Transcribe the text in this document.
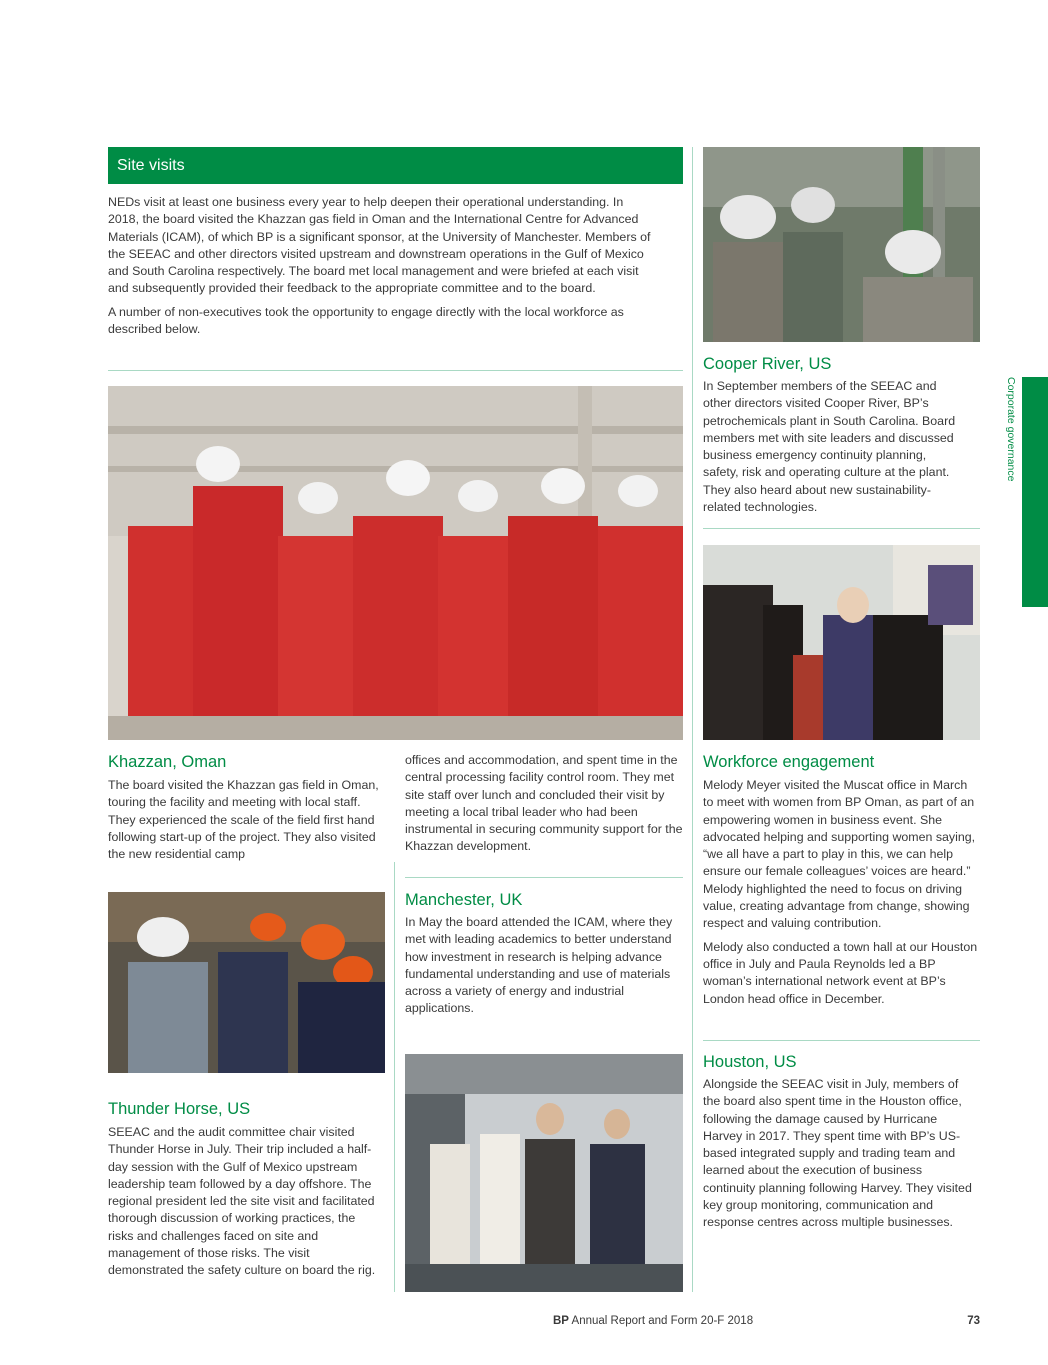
Site visits

NEDs visit at least one business every year to help deepen their operational understanding. In 2018, the board visited the Khazzan gas field in Oman and the International Centre for Advanced Materials (ICAM), of which BP is a significant sponsor, at the University of Manchester. Members of the SEEAC and other directors visited upstream and downstream operations in the Gulf of Mexico and South Carolina respectively. The board met local management and were briefed at each visit and subsequently provided their feedback to the appropriate committee and to the board.

A number of non-executives took the opportunity to engage directly with the local workforce as described below.

Cooper River, US
In September members of the SEEAC and other directors visited Cooper River, BP’s petrochemicals plant in South Carolina. Board members met with site leaders and discussed business emergency continuity planning, safety, risk and operating culture at the plant. They also heard about new sustainability-related technologies.
Khazzan, Oman
The board visited the Khazzan gas field in Oman, touring the facility and meeting with local staff. They experienced the scale of the field first hand following start-up of the project. They also visited the new residential camp
offices and accommodation, and spent time in the central processing facility control room. They met site staff over lunch and concluded their visit by meeting a local tribal leader who had been instrumental in securing community support for the Khazzan development.
Workforce engagement

Melody Meyer visited the Muscat office in March to meet with women from BP Oman, as part of an empowering women in business event. She advocated helping and supporting women saying, “we all have a part to play in this, we can help ensure our female colleagues’ voices are heard.” Melody highlighted the need to focus on driving value, creating advantage from change, showing respect and valuing contribution.

Melody also conducted a town hall at our Houston office in July and Paula Reynolds led a BP woman’s international network event at BP’s London head office in December.

Manchester, UK
In May the board attended the ICAM, where they met with leading academics to better understand how investment in research is helping advance fundamental understanding and use of materials across a variety of energy and industrial applications.
Thunder Horse, US
SEEAC and the audit committee chair visited Thunder Horse in July. Their trip included a half-day session with the Gulf of Mexico upstream leadership team followed by a day offshore. The regional president led the site visit and facilitated thorough discussion of working practices, the risks and challenges faced on site and management of those risks. The visit demonstrated the safety culture on board the rig.
Houston, US
Alongside the SEEAC visit in July, members of the board also spent time in the Houston office, following the damage caused by Hurricane Harvey in 2017. They spent time with BP’s US-based integrated supply and trading team and learned about the execution of business continuity planning following Harvey. They visited key group monitoring, communication and response centres across multiple businesses.
Corporate governance
BP Annual Report and Form 20-F 2018	73
